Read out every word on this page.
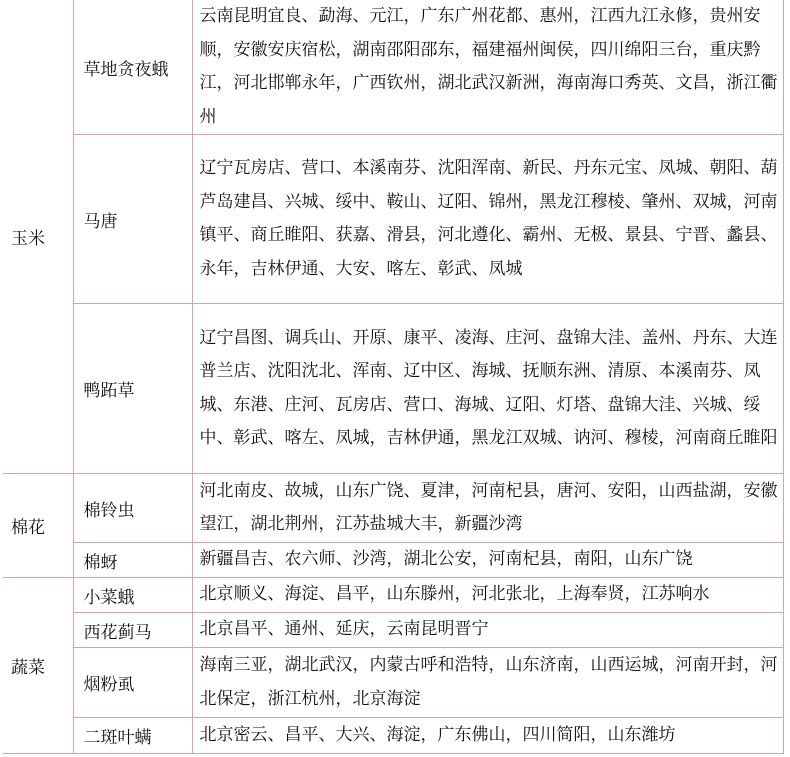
玉米	草地贪夜蛾	云南昆明宜良、勐海、元江，广东广州花都、惠州，江西九江永修，贵州安顺，安徽安庆宿松，湖南邵阳邵东，福建福州闽侯，四川绵阳三台，重庆黔江，河北邯郸永年，广西钦州，湖北武汉新洲，海南海口秀英、文昌，浙江衢州
	马唐	辽宁瓦房店、营口、本溪南芬、沈阳浑南、新民、丹东元宝、凤城、朝阳、葫芦岛建昌、兴城、绥中、鞍山、辽阳、锦州，黑龙江穆棱、肇州、双城，河南镇平、商丘睢阳、获嘉、滑县，河北遵化、霸州、无极、景县、宁晋、蠡县、永年，吉林伊通、大安、喀左、彰武、凤城
	鸭跖草	辽宁昌图、调兵山、开原、康平、凌海、庄河、盘锦大洼、盖州、丹东、大连普兰店、沈阳沈北、浑南、辽中区、海城、抚顺东洲、清原、本溪南芬、凤城、东港、庄河、瓦房店、营口、海城、辽阳、灯塔、盘锦大洼、兴城、绥中、彰武、喀左、凤城，吉林伊通，黑龙江双城、讷河、穆棱，河南商丘睢阳
棉花	棉铃虫	河北南皮、故城，山东广饶、夏津，河南杞县，唐河、安阳，山西盐湖，安徽望江，湖北荆州，江苏盐城大丰，新疆沙湾
	棉蚜	新疆昌吉、农六师、沙湾，湖北公安，河南杞县，南阳，山东广饶
蔬菜	小菜蛾	北京顺义、海淀、昌平，山东滕州，河北张北，上海奉贤，江苏响水
	西花蓟马	北京昌平、通州、延庆，云南昆明晋宁
	烟粉虱	海南三亚，湖北武汉，内蒙古呼和浩特，山东济南，山西运城，河南开封，河北保定，浙江杭州，北京海淀
	二斑叶螨	北京密云、昌平、大兴、海淀，广东佛山，四川简阳，山东潍坊
